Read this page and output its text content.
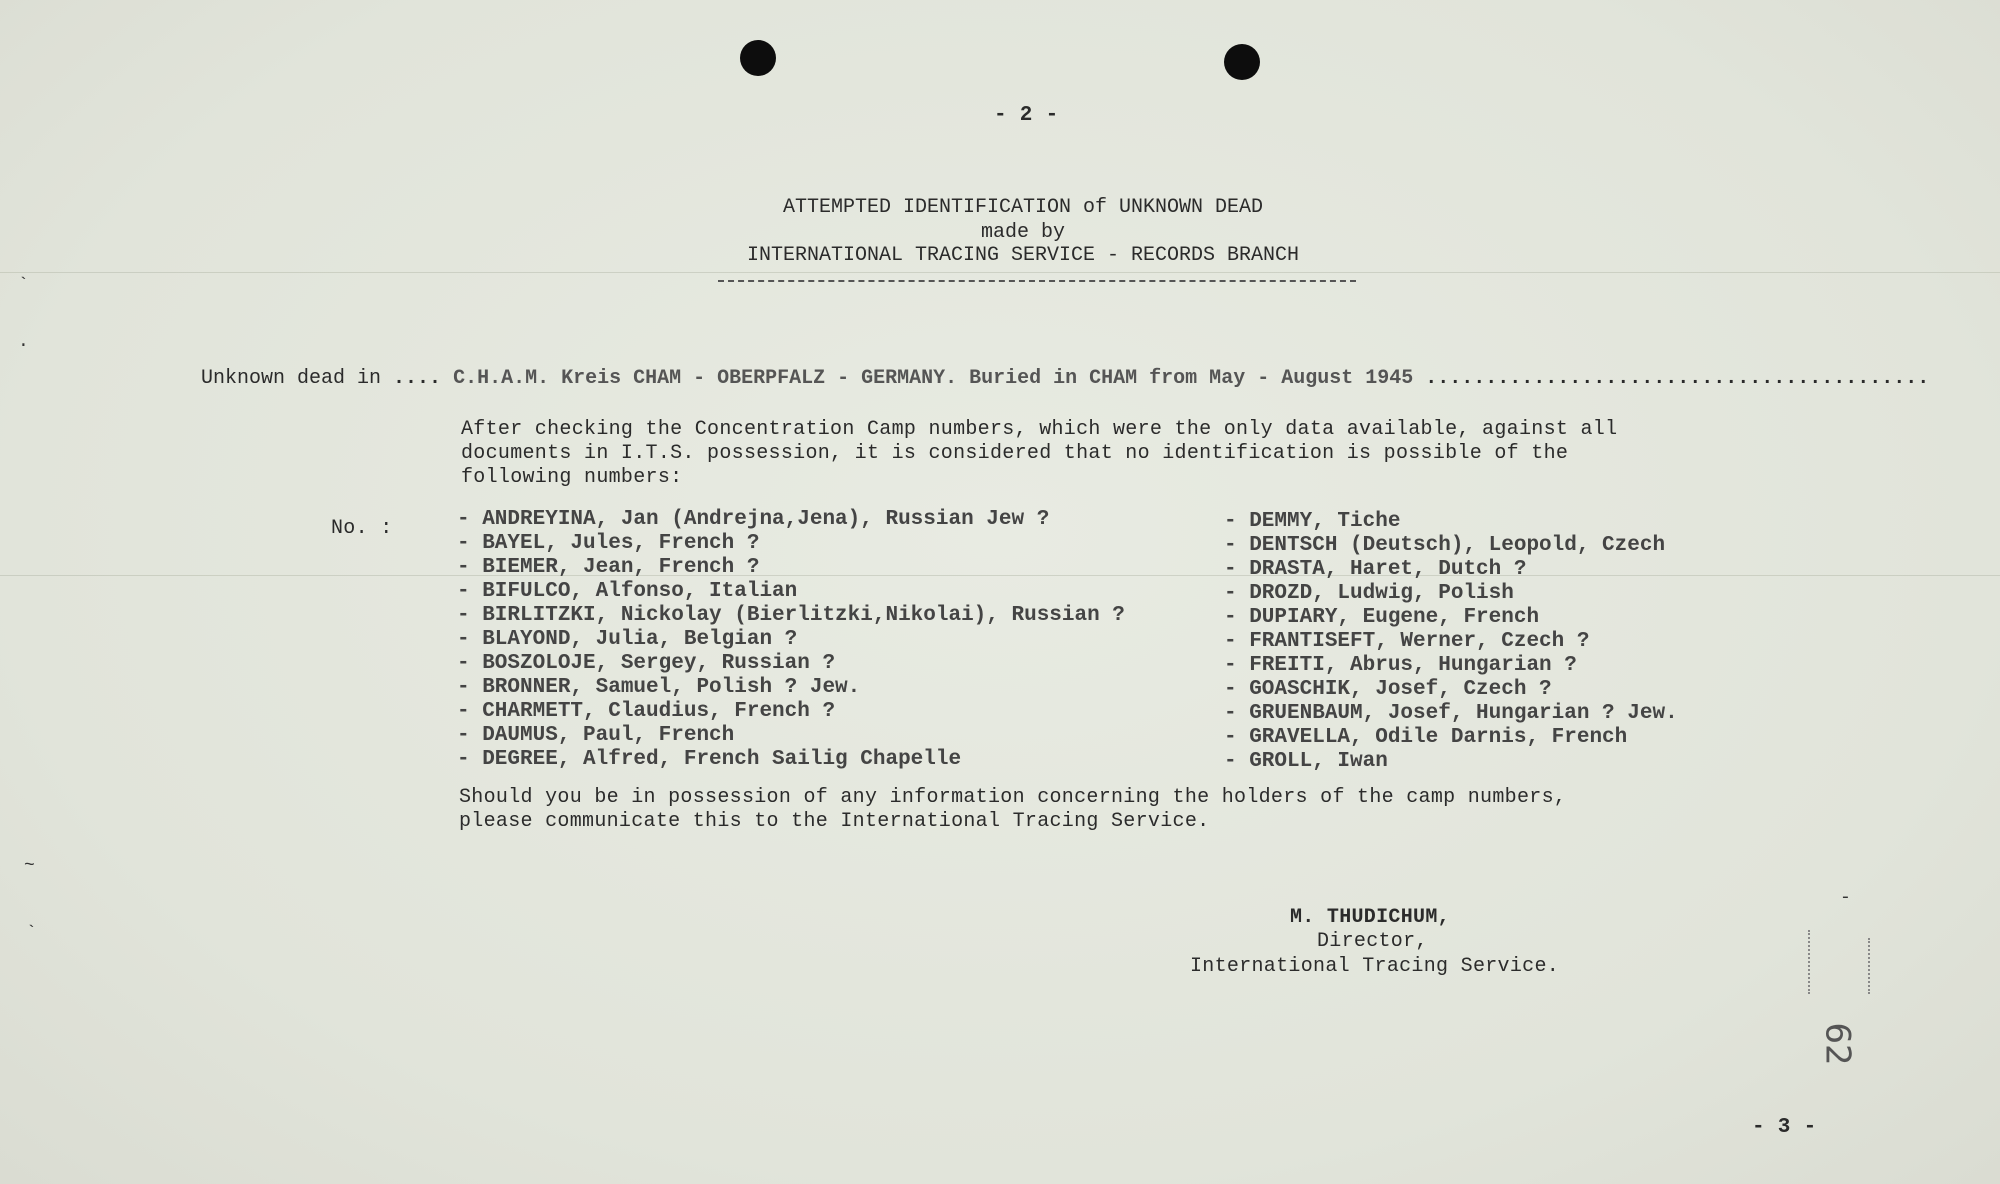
- 2 -
ATTEMPTED IDENTIFICATION of UNKNOWN DEAD
made by
INTERNATIONAL TRACING SERVICE - RECORDS BRANCH

Unknown dead in .... C.H.A.M. Kreis CHAM - OBERPFALZ - GERMANY. Buried in CHAM from May - August 1945 ..........................................

After checking the Concentration Camp numbers, which were the only data available, against all
documents in I.T.S. possession, it is considered that no identification is possible of the
following numbers:
No. :	- ANDREYINA, Jan (Andrejna,Jena), Russian Jew ?
- BAYEL, Jules, French ?
- BIEMER, Jean, French ?
- BIFULCO, Alfonso, Italian
- BIRLITZKI, Nickolay (Bierlitzki,Nikolai), Russian ?
- BLAYOND, Julia, Belgian ?
- BOSZOLOJE, Sergey, Russian ?
- BRONNER, Samuel, Polish ? Jew.
- CHARMETT, Claudius, French ?
- DAUMUS, Paul, French
- DEGREE, Alfred, French Sailig Chapelle
- DEMMY, Tiche
- DENTSCH (Deutsch), Leopold, Czech
- DRASTA, Haret, Dutch ?
- DROZD, Ludwig, Polish
- DUPIARY, Eugene, French
- FRANTISEFT, Werner, Czech ?
- FREITI, Abrus, Hungarian ?
- GOASCHIK, Josef, Czech ?
- GRUENBAUM, Josef, Hungarian ? Jew.
- GRAVELLA, Odile Darnis, French
- GROLL, Iwan
Should you be in possession of any information concerning the holders of the camp numbers,
please communicate this to the International Tracing Service.
M. THUDICHUM,
Director,
International Tracing Service.
62
- 3 -
`
·
~
`
-
